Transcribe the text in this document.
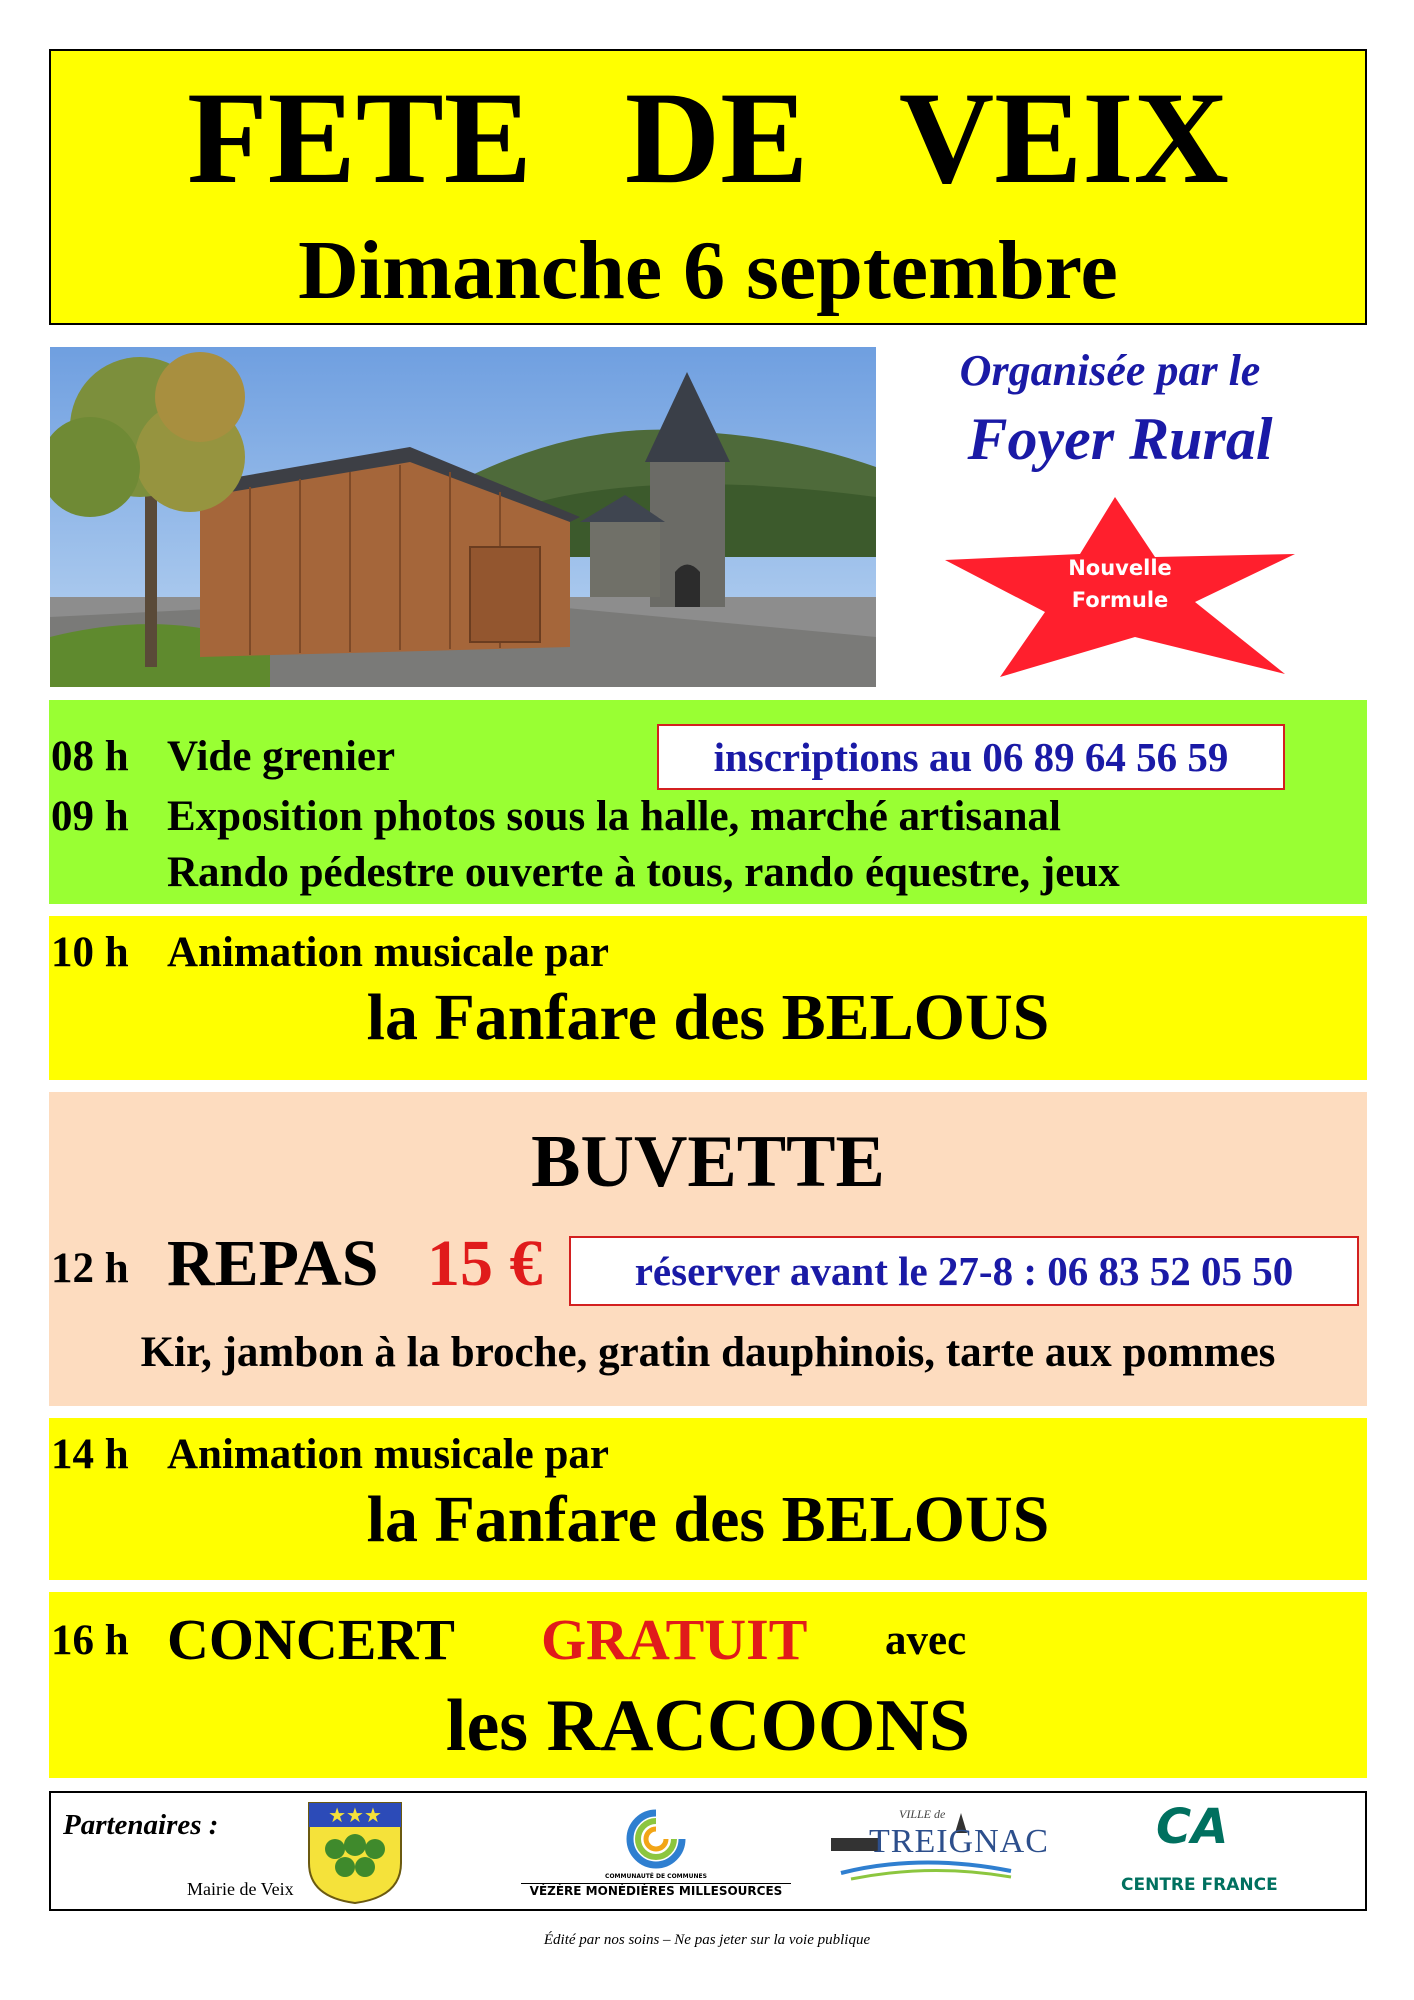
FETE DE VEIX
Dimanche 6 septembre
Organisée par le
Foyer Rural
Nouvelle
Formule
08 h Vide grenier	inscriptions au 06 89 64 56 59
09 h Exposition photos sous la halle, marché artisanal
Rando pédestre ouverte à tous, rando équestre, jeux
10 h Animation musicale par
la Fanfare des BELOUS
BUVETTE
12 h REPAS 15 €	réserver avant le 27-8 : 06 83 52 05 50
Kir, jambon à la broche, gratin dauphinois, tarte aux pommes
14 h Animation musicale par
la Fanfare des BELOUS
16 h CONCERT GRATUIT avec
les RACCOONS
Partenaires :
Mairie de Veix
★★★
COMMUNAUTÉ DE COMMUNES
VÉZÈRE MONÉDIÈRES MILLESOURCES
VILLE de
TREIGNAC CA
CENTRE FRANCE
Édité par nos soins – Ne pas jeter sur la voie publique
